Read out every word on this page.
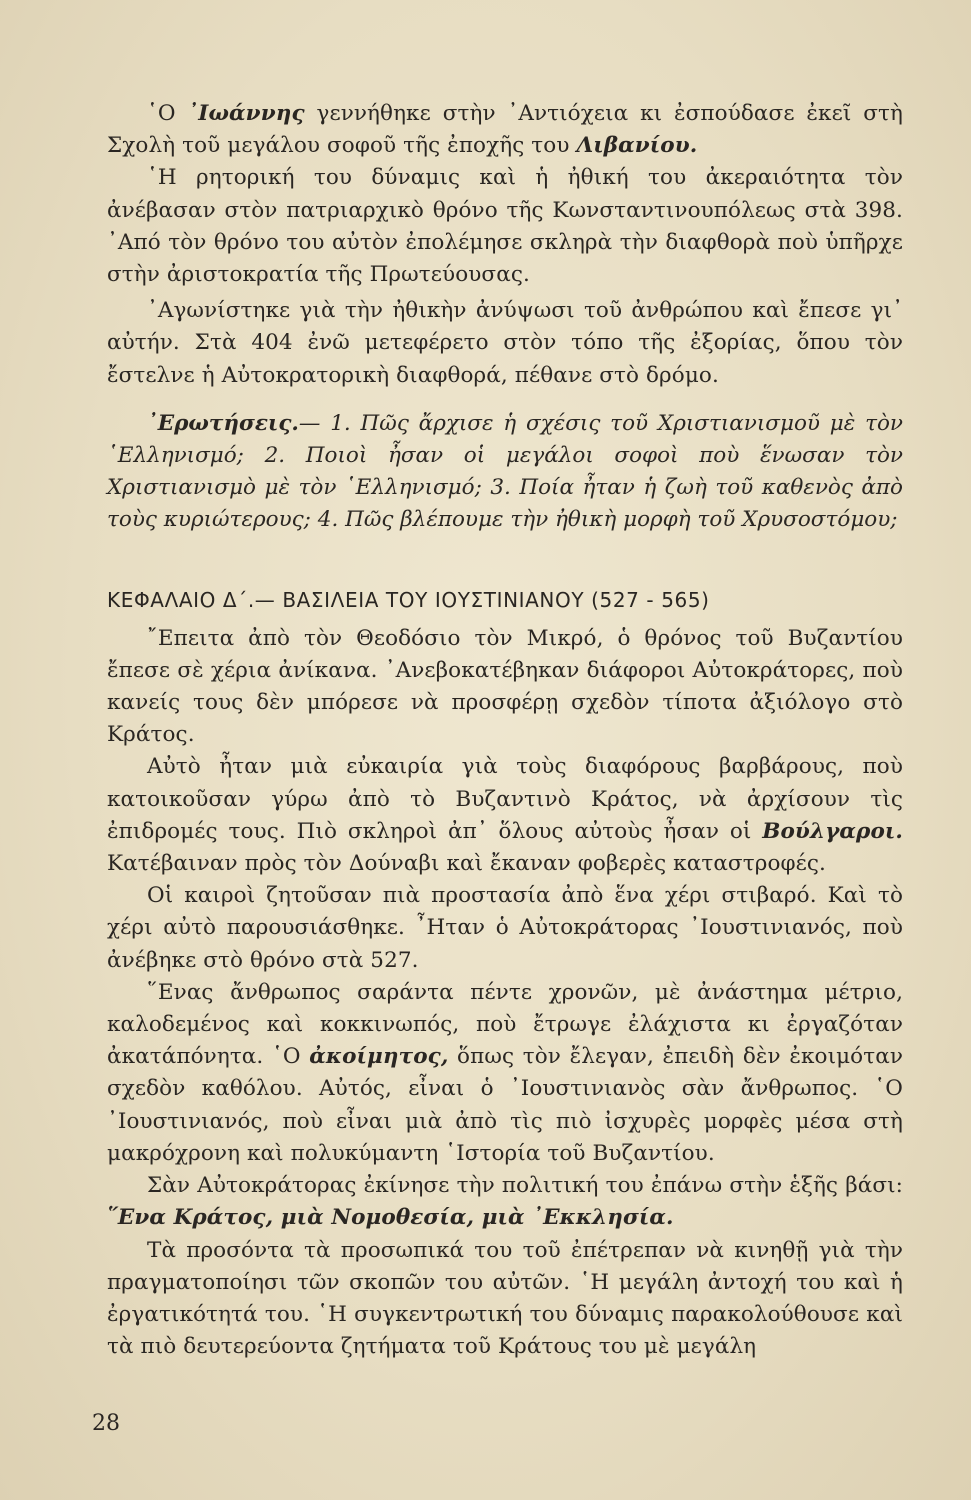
῾Ο ᾿Ιωάννης γεννήθηκε στὴν ᾿Αντιόχεια κι ἐσπούδασε ἐκεῖ στὴ Σχολὴ τοῦ μεγάλου σοφοῦ τῆς ἐποχῆς του Λιβανίου.

῾Η ρητορική του δύναμις καὶ ἡ ἠθική του ἀκεραιότητα τὸν ἀνέβασαν στὸν πατριαρχικὸ θρόνο τῆς Κωνσταντινουπόλεως στὰ 398. ᾿Από τὸν θρόνο του αὐτὸν ἐπολέμησε σκληρὰ τὴν διαφθορὰ ποὺ ὑπῆρχε στὴν ἀριστοκρατία τῆς Πρωτεύουσας.

᾿Αγωνίστηκε γιὰ τὴν ἠθικὴν ἀνύψωσι τοῦ ἀνθρώπου καὶ ἔπεσε γι᾿ αὐτήν. Στὰ 404 ἐνῶ μετεφέρετο στὸν τόπο τῆς ἐξορίας, ὅπου τὸν ἔστελνε ἡ Αὐτοκρατορικὴ διαφθορά, πέθανε στὸ δρόμο.

᾿Ερωτήσεις.— 1. Πῶς ἄρχισε ἡ σχέσις τοῦ Χριστιανισμοῦ μὲ τὸν ῾Ελληνισμό; 2. Ποιοὶ ἦσαν οἱ μεγάλοι σοφοὶ ποὺ ἕνωσαν τὸν Χριστιανισμὸ μὲ τὸν ῾Ελληνισμό; 3. Ποία ἦταν ἡ ζωὴ τοῦ καθενὸς ἀπὸ τοὺς κυριώτερους; 4. Πῶς βλέπουμε τὴν ἠθικὴ μορφὴ τοῦ Χρυσοστόμου;

ΚΕΦΑΛΑΙΟ Δ΄.— ΒΑΣΙΛΕΙΑ ΤΟΥ ΙΟΥΣΤΙΝΙΑΝΟΥ (527 - 565)

῎Επειτα ἀπὸ τὸν Θεοδόσιο τὸν Μικρό, ὁ θρόνος τοῦ Βυζαντίου ἔπεσε σὲ χέρια ἀνίκανα. ᾿Ανεβοκατέβηκαν διάφοροι Αὐτοκράτορες, ποὺ κανείς τους δὲν μπόρεσε νὰ προσφέρῃ σχεδὸν τίποτα ἀξιόλογο στὸ Κράτος.

Αὐτὸ ἦταν μιὰ εὐκαιρία γιὰ τοὺς διαφόρους βαρβάρους, ποὺ κατοικοῦσαν γύρω ἀπὸ τὸ Βυζαντινὸ Κράτος, νὰ ἀρχίσουν τὶς ἐπιδρομές τους. Πιὸ σκληροὶ ἀπ᾿ ὅλους αὐτοὺς ἦσαν οἱ Βούλγαροι. Κατέβαιναν πρὸς τὸν Δούναβι καὶ ἔκαναν φοβερὲς καταστροφές.

Οἱ καιροὶ ζητοῦσαν πιὰ προστασία ἀπὸ ἕνα χέρι στιβαρό. Καὶ τὸ χέρι αὐτὸ παρουσιάσθηκε. ῏Ηταν ὁ Αὐτοκράτορας ᾿Ιουστινιανός, ποὺ ἀνέβηκε στὸ θρόνο στὰ 527.

῞Ενας ἄνθρωπος σαράντα πέντε χρονῶν, μὲ ἀνάστημα μέτριο, καλοδεμένος καὶ κοκκινωπός, ποὺ ἔτρωγε ἐλάχιστα κι ἐργαζόταν ἀκατάπόνητα. ῾Ο ἀκοίμητος, ὅπως τὸν ἔλεγαν, ἐπειδὴ δὲν ἐκοιμόταν σχεδὸν καθόλου. Αὐτός, εἶναι ὁ ᾿Ιουστινιανὸς σὰν ἄνθρωπος. ῾Ο ᾿Ιουστινιανός, ποὺ εἶναι μιὰ ἀπὸ τὶς πιὸ ἰσχυρὲς μορφὲς μέσα στὴ μακρόχρονη καὶ πολυκύμαντη ῾Ιστορία τοῦ Βυζαντίου.

Σὰν Αὐτοκράτορας ἐκίνησε τὴν πολιτική του ἐπάνω στὴν ἑξῆς βάσι: ῞Ενα Κράτος, μιὰ Νομοθεσία, μιὰ ᾿Εκκλησία.

Τὰ προσόντα τὰ προσωπικά του τοῦ ἐπέτρεπαν νὰ κινηθῇ γιὰ τὴν πραγματοποίησι τῶν σκοπῶν του αὐτῶν. ῾Η μεγάλη ἀντοχή του καὶ ἡ ἐργατικότητά του. ῾Η συγκεντρωτική του δύναμις παρακολούθουσε καὶ τὰ πιὸ δευτερεύοντα ζητήματα τοῦ Κράτους του μὲ μεγάλη

28
